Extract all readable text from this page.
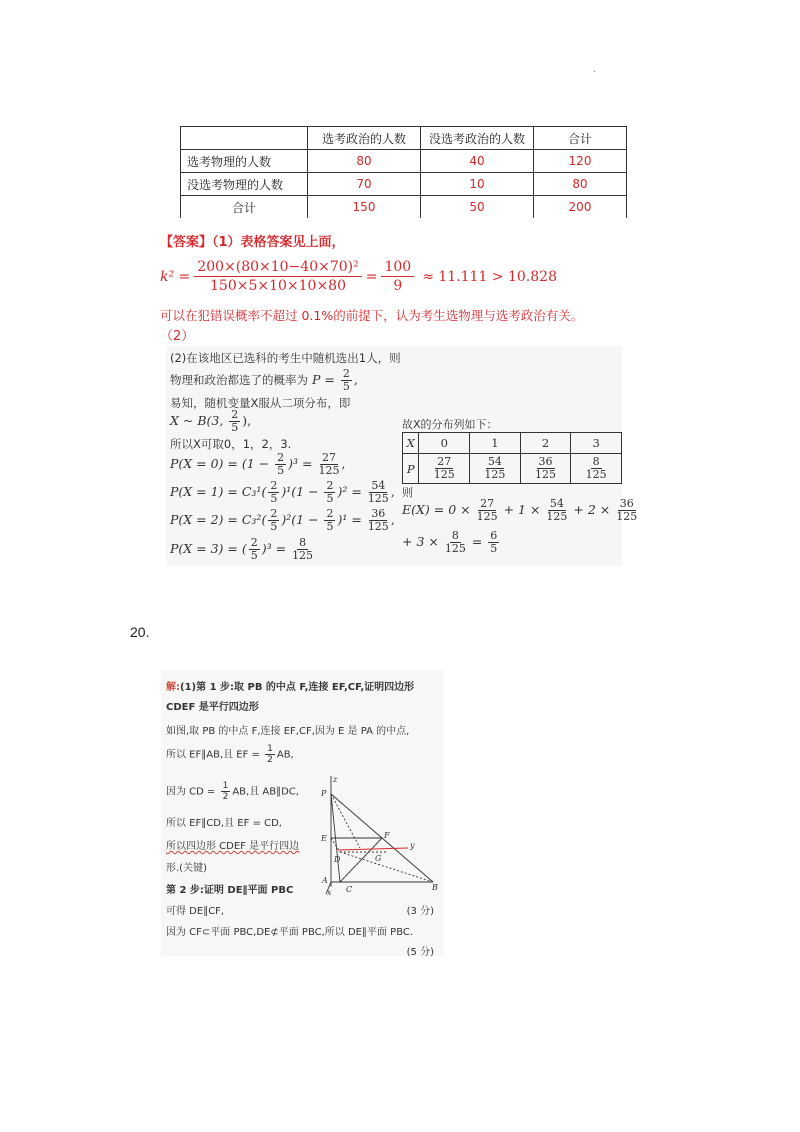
.
	选考政治的人数	没选考政治的人数	合计
选考物理的人数	80	40	120
没选考物理的人数	70	10	80
合计	150	50	200
【答案】（1）表格答案见上面，
$k^2 = \frac{\text{200×(80×10−40×70)²}}{150\times 5\times 10\times 10\times 80} = \frac{100}{9} \approx 11.111 > 10.828$
可以在犯错误概率不超过 0.1%的前提下，认为考生选物理与选考政治有关。
（2）
(2)在该地区已选科的考生中随机选出1人，则
物理和政治都选了的概率为 $P = \frac{2}{5}$ ,
易知，随机变量X服从二项分布，即
X ~ B(3, $\frac{2}{5}$ ),
所以X可取0，1，2，3.
$P(X = 0) = (1 - \frac{2}{5} )^3 = \frac{27}{125}$ ,
$P(X = 1) = C_3^1( \frac{2}{5} )^1(1 - \frac{2}{5} )^2 = \frac{54}{125}$ ,
$P(X = 2) = C_3^2( \frac{2}{5} )^2(1 - \frac{2}{5} )^1 = \frac{36}{125}$ ,
P(X = 3) = ( $\frac{2}{5} )^3 = \frac{8}{125}$
故X的分布列如下：
X	0	1	2	3
P	$\frac{27}{125}$	$\frac{54}{125}$	$\frac{36}{125}$	$\frac{8}{125}$
则
$E(X) = 0 \times \frac{27}{125} + 1 \times \frac{54}{125} + 2 \times \frac{36}{125}$
+ $3 \times \frac{8}{125} = \frac{6}{5}$
20.
解:(1)第 1 步:取 PB 的中点 F,连接 EF,CF,证明四边形
CDEF 是平行四边形
如图,取 PB 的中点 F,连接 EF,CF,因为 E 是 PA 的中点,
所以 EF∥AB,且 EF = $\frac{1}{2}$ AB,
因为 CD = $\frac{1}{2}$ AB,且 AB∥DC,
所以 EF∥CD,且 EF = CD,
所以四边形 CDEF 是平行四边
形.(关键)
第 2 步:证明 DE∥平面 PBC
可得 DE∥CF,	(3 分)
因为 CF⊂平面 PBC,DE⊄平面 PBC,所以 DE∥平面 PBC.
(5 分)
z
P
E	F
D	G
A
C	B
x
y
